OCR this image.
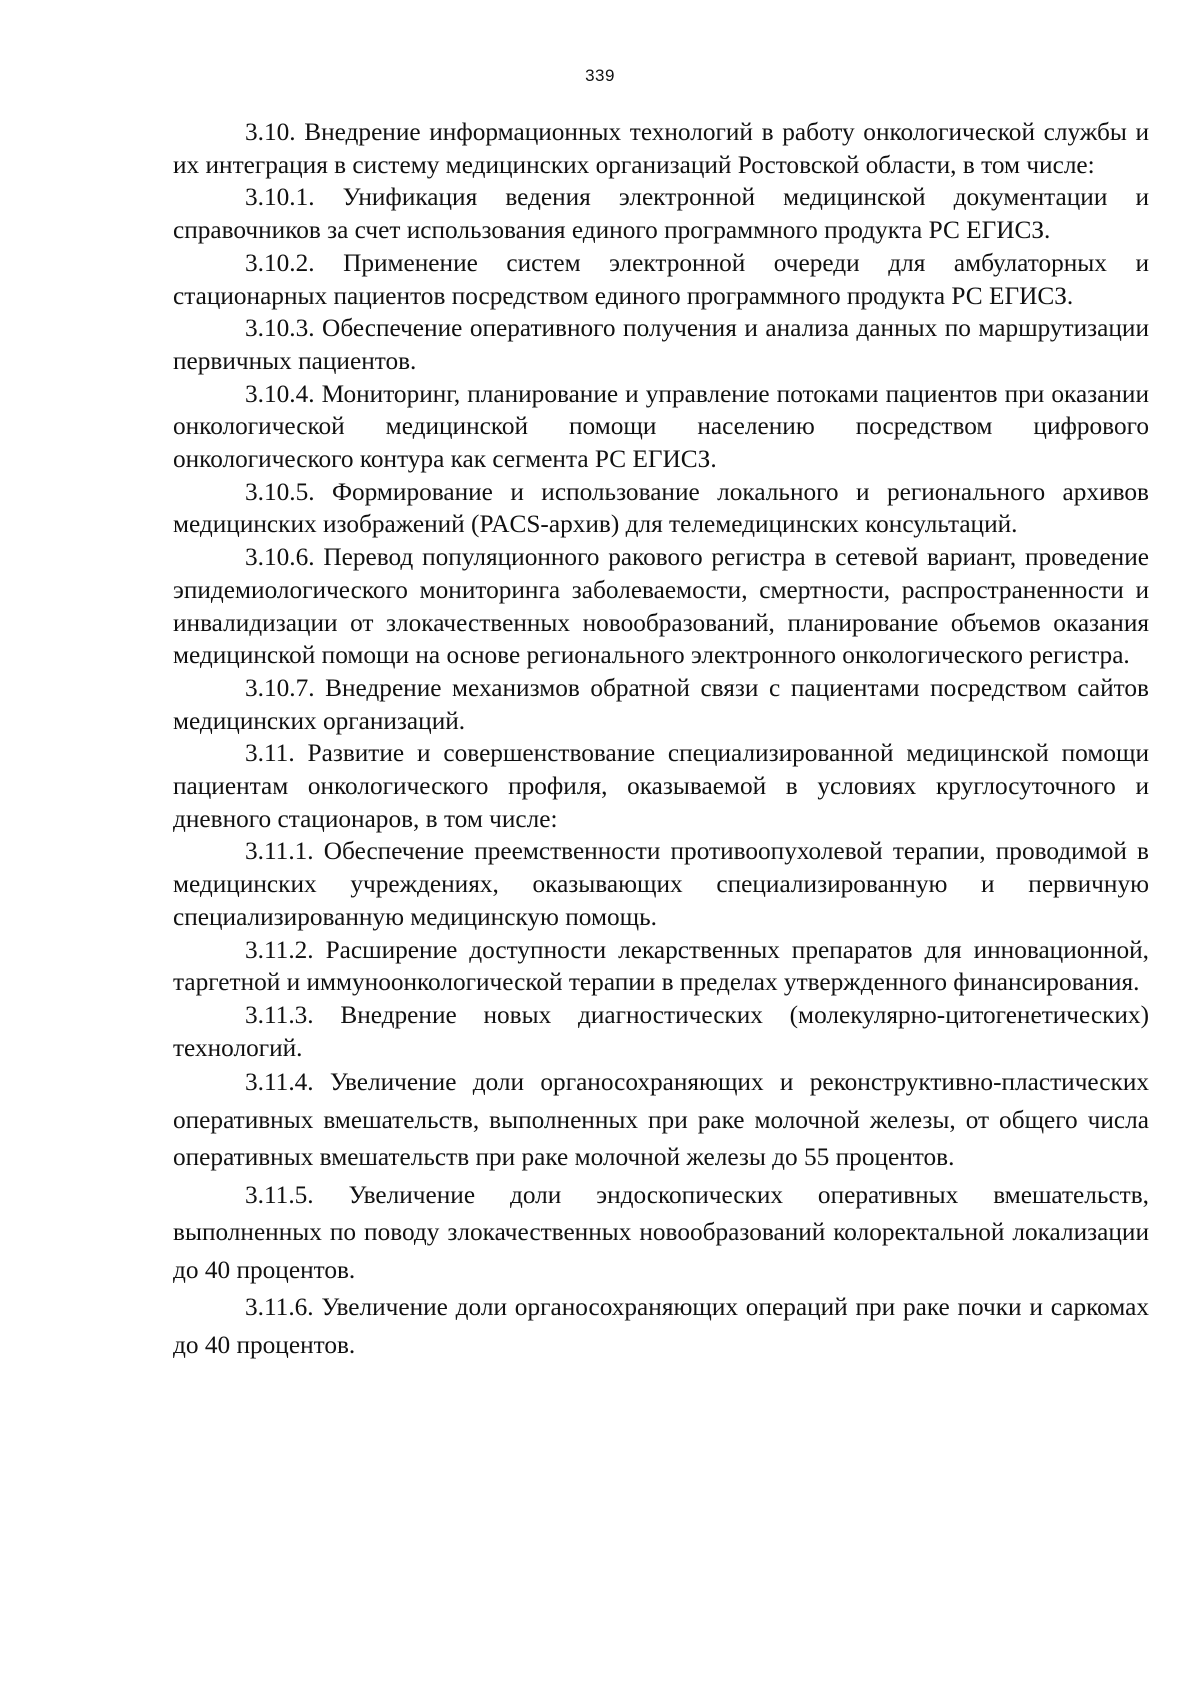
339

3.10. Внедрение информационных технологий в работу онкологической службы и их интеграция в систему медицинских организаций Ростовской области, в том числе:

3.10.1. Унификация ведения электронной медицинской документации и справочников за счет использования единого программного продукта РС ЕГИСЗ.

3.10.2. Применение систем электронной очереди для амбулаторных и стационарных пациентов посредством единого программного продукта РС ЕГИСЗ.

3.10.3. Обеспечение оперативного получения и анализа данных по маршрутизации первичных пациентов.

3.10.4. Мониторинг, планирование и управление потоками пациентов при оказании онкологической медицинской помощи населению посредством цифрового онкологического контура как сегмента РС ЕГИСЗ.

3.10.5. Формирование и использование локального и регионального архивов медицинских изображений (PACS-архив) для телемедицинских консультаций.

3.10.6. Перевод популяционного ракового регистра в сетевой вариант, проведение эпидемиологического мониторинга заболеваемости, смертности, распространенности и инвалидизации от злокачественных новообразований, планирование объемов оказания медицинской помощи на основе регионального электронного онкологического регистра.

3.10.7. Внедрение механизмов обратной связи с пациентами посредством сайтов медицинских организаций.

3.11. Развитие и совершенствование специализированной медицинской помощи пациентам онкологического профиля, оказываемой в условиях круглосуточного и дневного стационаров, в том числе:

3.11.1. Обеспечение преемственности противоопухолевой терапии, проводимой в медицинских учреждениях, оказывающих специализированную и первичную специализированную медицинскую помощь.

3.11.2. Расширение доступности лекарственных препаратов для инновационной, таргетной и иммуноонкологической терапии в пределах утвержденного финансирования.

3.11.3. Внедрение новых диагностических (молекулярно-цитогенетических) технологий.

3.11.4. Увеличение доли органосохраняющих и реконструктивно-пластических оперативных вмешательств, выполненных при раке молочной железы, от общего числа оперативных вмешательств при раке молочной железы до 55 процентов.

3.11.5. Увеличение доли эндоскопических оперативных вмешательств, выполненных по поводу злокачественных новообразований колоректальной локализации до 40 процентов.

3.11.6. Увеличение доли органосохраняющих операций при раке почки и саркомах до 40 процентов.
